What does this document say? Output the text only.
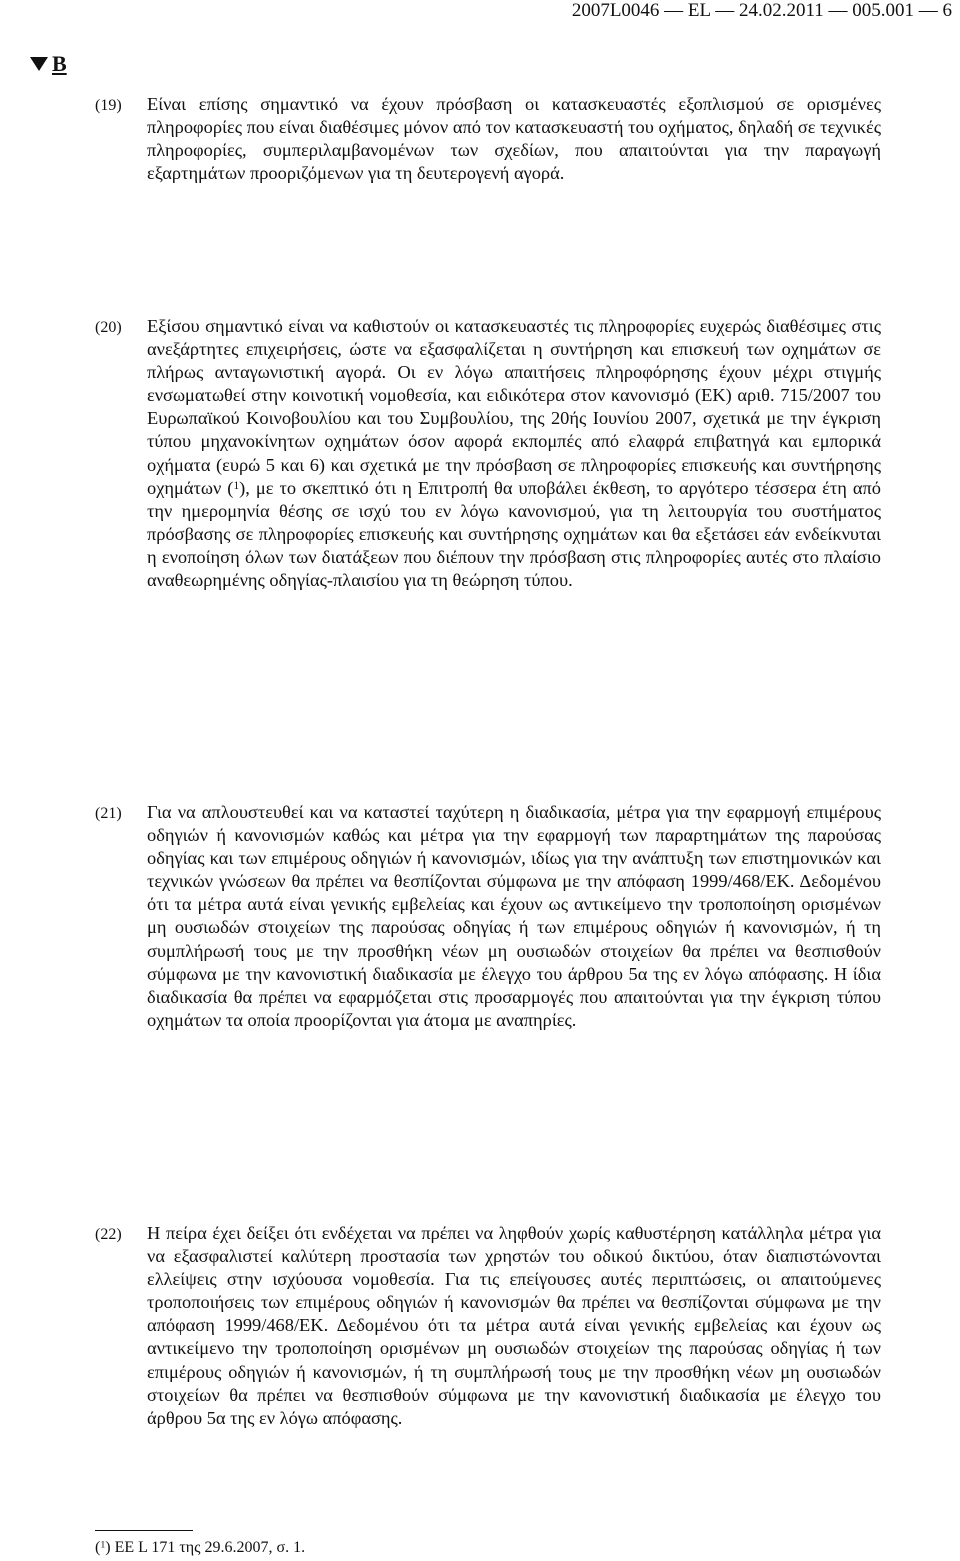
2007L0046 — EL — 24.02.2011 — 005.001 — 6
B
(19) Είναι επίσης σημαντικό να έχουν πρόσβαση οι κατασκευαστές εξοπλισμού σε ορισμένες πληροφορίες που είναι διαθέσιμες μόνον από τον κατασκευαστή του οχήματος, δηλαδή σε τεχνικές πληροφορίες, συμπεριλαμβανομένων των σχεδίων, που απαιτούνται για την παραγωγή εξαρτημάτων προοριζόμενων για τη δευτερογενή αγορά.
(20) Εξίσου σημαντικό είναι να καθιστούν οι κατασκευαστές τις πληροφορίες ευχερώς διαθέσιμες στις ανεξάρτητες επιχειρήσεις, ώστε να εξασφαλίζεται η συντήρηση και επισκευή των οχημάτων σε πλήρως ανταγωνιστική αγορά. Οι εν λόγω απαιτήσεις πληροφόρησης έχουν μέχρι στιγμής ενσωματωθεί στην κοινοτική νομοθεσία, και ειδικότερα στον κανονισμό (ΕΚ) αριθ. 715/2007 του Ευρωπαϊκού Κοινοβουλίου και του Συμβουλίου, της 20ής Ιουνίου 2007, σχετικά με την έγκριση τύπου μηχανοκίνητων οχημάτων όσον αφορά εκπομπές από ελαφρά επιβατηγά και εμπορικά οχήματα (ευρώ 5 και 6) και σχετικά με την πρόσβαση σε πληροφορίες επισκευής και συντήρησης οχημάτων ($^1$), με το σκεπτικό ότι η Επιτροπή θα υποβάλει έκθεση, το αργότερο τέσσερα έτη από την ημερομηνία θέσης σε ισχύ του εν λόγω κανονισμού, για τη λειτουργία του συστήματος πρόσβασης σε πληροφορίες επισκευής και συντήρησης οχημάτων και θα εξετάσει εάν ενδείκνυται η ενοποίηση όλων των διατάξεων που διέπουν την πρόσβαση στις πληροφορίες αυτές στο πλαίσιο αναθεωρημένης οδηγίας-πλαισίου για τη θεώρηση τύπου.
(21) Για να απλουστευθεί και να καταστεί ταχύτερη η διαδικασία, μέτρα για την εφαρμογή επιμέρους οδηγιών ή κανονισμών καθώς και μέτρα για την εφαρμογή των παραρτημάτων της παρούσας οδηγίας και των επιμέρους οδηγιών ή κανονισμών, ιδίως για την ανάπτυξη των επιστημονικών και τεχνικών γνώσεων θα πρέπει να θεσπίζονται σύμφωνα με την απόφαση 1999/468/ΕΚ. Δεδομένου ότι τα μέτρα αυτά είναι γενικής εμβελείας και έχουν ως αντικείμενο την τροποποίηση ορισμένων μη ουσιωδών στοιχείων της παρούσας οδηγίας ή των επιμέρους οδηγιών ή κανονισμών, ή τη συμπλήρωσή τους με την προσθήκη νέων μη ουσιωδών στοιχείων θα πρέπει να θεσπισθούν σύμφωνα με την κανονιστική διαδικασία με έλεγχο του άρθρου 5α της εν λόγω απόφασης. Η ίδια διαδικασία θα πρέπει να εφαρμόζεται στις προσαρμογές που απαιτούνται για την έγκριση τύπου οχημάτων τα οποία προορίζονται για άτομα με αναπηρίες.
(22) Η πείρα έχει δείξει ότι ενδέχεται να πρέπει να ληφθούν χωρίς καθυστέρηση κατάλληλα μέτρα για να εξασφαλιστεί καλύτερη προστασία των χρηστών του οδικού δικτύου, όταν διαπιστώνονται ελλείψεις στην ισχύουσα νομοθεσία. Για τις επείγουσες αυτές περιπτώσεις, οι απαιτούμενες τροποποιήσεις των επιμέρους οδηγιών ή κανονισμών θα πρέπει να θεσπίζονται σύμφωνα με την απόφαση 1999/468/ΕΚ. Δεδομένου ότι τα μέτρα αυτά είναι γενικής εμβελείας και έχουν ως αντικείμενο την τροποποίηση ορισμένων μη ουσιωδών στοιχείων της παρούσας οδηγίας ή των επιμέρους οδηγιών ή κανονισμών, ή τη συμπλήρωσή τους με την προσθήκη νέων μη ουσιωδών στοιχείων θα πρέπει να θεσπισθούν σύμφωνα με την κανονιστική διαδικασία με έλεγχο του άρθρου 5α της εν λόγω απόφασης.
($^1$) ΕΕ L 171 της 29.6.2007, σ. 1.
